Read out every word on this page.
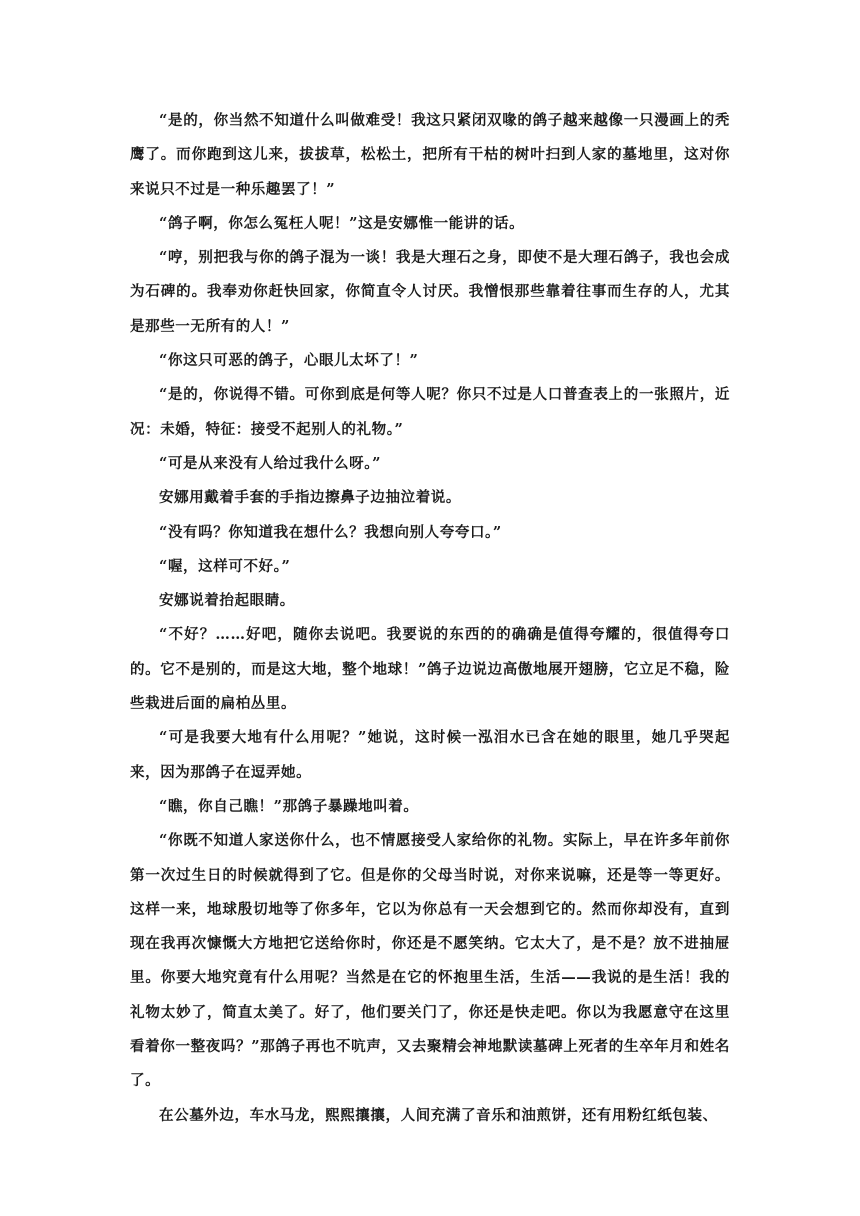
“是的，你当然不知道什么叫做难受！我这只紧闭双喙的鸽子越来越像一只漫画上的秃鹰了。而你跑到这儿来，拔拔草，松松土，把所有干枯的树叶扫到人家的墓地里，这对你来说只不过是一种乐趣罢了！”

“鸽子啊，你怎么冤枉人呢！”这是安娜惟一能讲的话。

“哼，别把我与你的鸽子混为一谈！我是大理石之身，即使不是大理石鸽子，我也会成为石碑的。我奉劝你赶快回家，你简直令人讨厌。我憎恨那些靠着往事而生存的人，尤其是那些一无所有的人！”

“你这只可恶的鸽子，心眼儿太坏了！”

“是的，你说得不错。可你到底是何等人呢？你只不过是人口普查表上的一张照片，近况：未婚，特征：接受不起别人的礼物。”

“可是从来没有人给过我什么呀。”

安娜用戴着手套的手指边擦鼻子边抽泣着说。

“没有吗？你知道我在想什么？我想向别人夸夸口。”

“喔，这样可不好。”

安娜说着抬起眼睛。

“不好？……好吧，随你去说吧。我要说的东西的的确确是值得夸耀的，很值得夸口的。它不是别的，而是这大地，整个地球！”鸽子边说边高傲地展开翅膀，它立足不稳，险些栽进后面的扁柏丛里。

“可是我要大地有什么用呢？”她说，这时候一泓泪水已含在她的眼里，她几乎哭起来，因为那鸽子在逗弄她。

“瞧，你自己瞧！”那鸽子暴躁地叫着。

“你既不知道人家送你什么，也不情愿接受人家给你的礼物。实际上，早在许多年前你第一次过生日的时候就得到了它。但是你的父母当时说，对你来说嘛，还是等一等更好。这样一来，地球殷切地等了你多年，它以为你总有一天会想到它的。然而你却没有，直到现在我再次慷慨大方地把它送给你时，你还是不愿笑纳。它太大了，是不是？放不进抽屉里。你要大地究竟有什么用呢？当然是在它的怀抱里生活，生活——我说的是生活！我的礼物太妙了，简直太美了。好了，他们要关门了，你还是快走吧。你以为我愿意守在这里看着你一整夜吗？”那鸽子再也不吭声，又去聚精会神地默读墓碑上死者的生卒年月和姓名了。

在公墓外边，车水马龙，熙熙攘攘，人间充满了音乐和油煎饼，还有用粉红纸包装、
